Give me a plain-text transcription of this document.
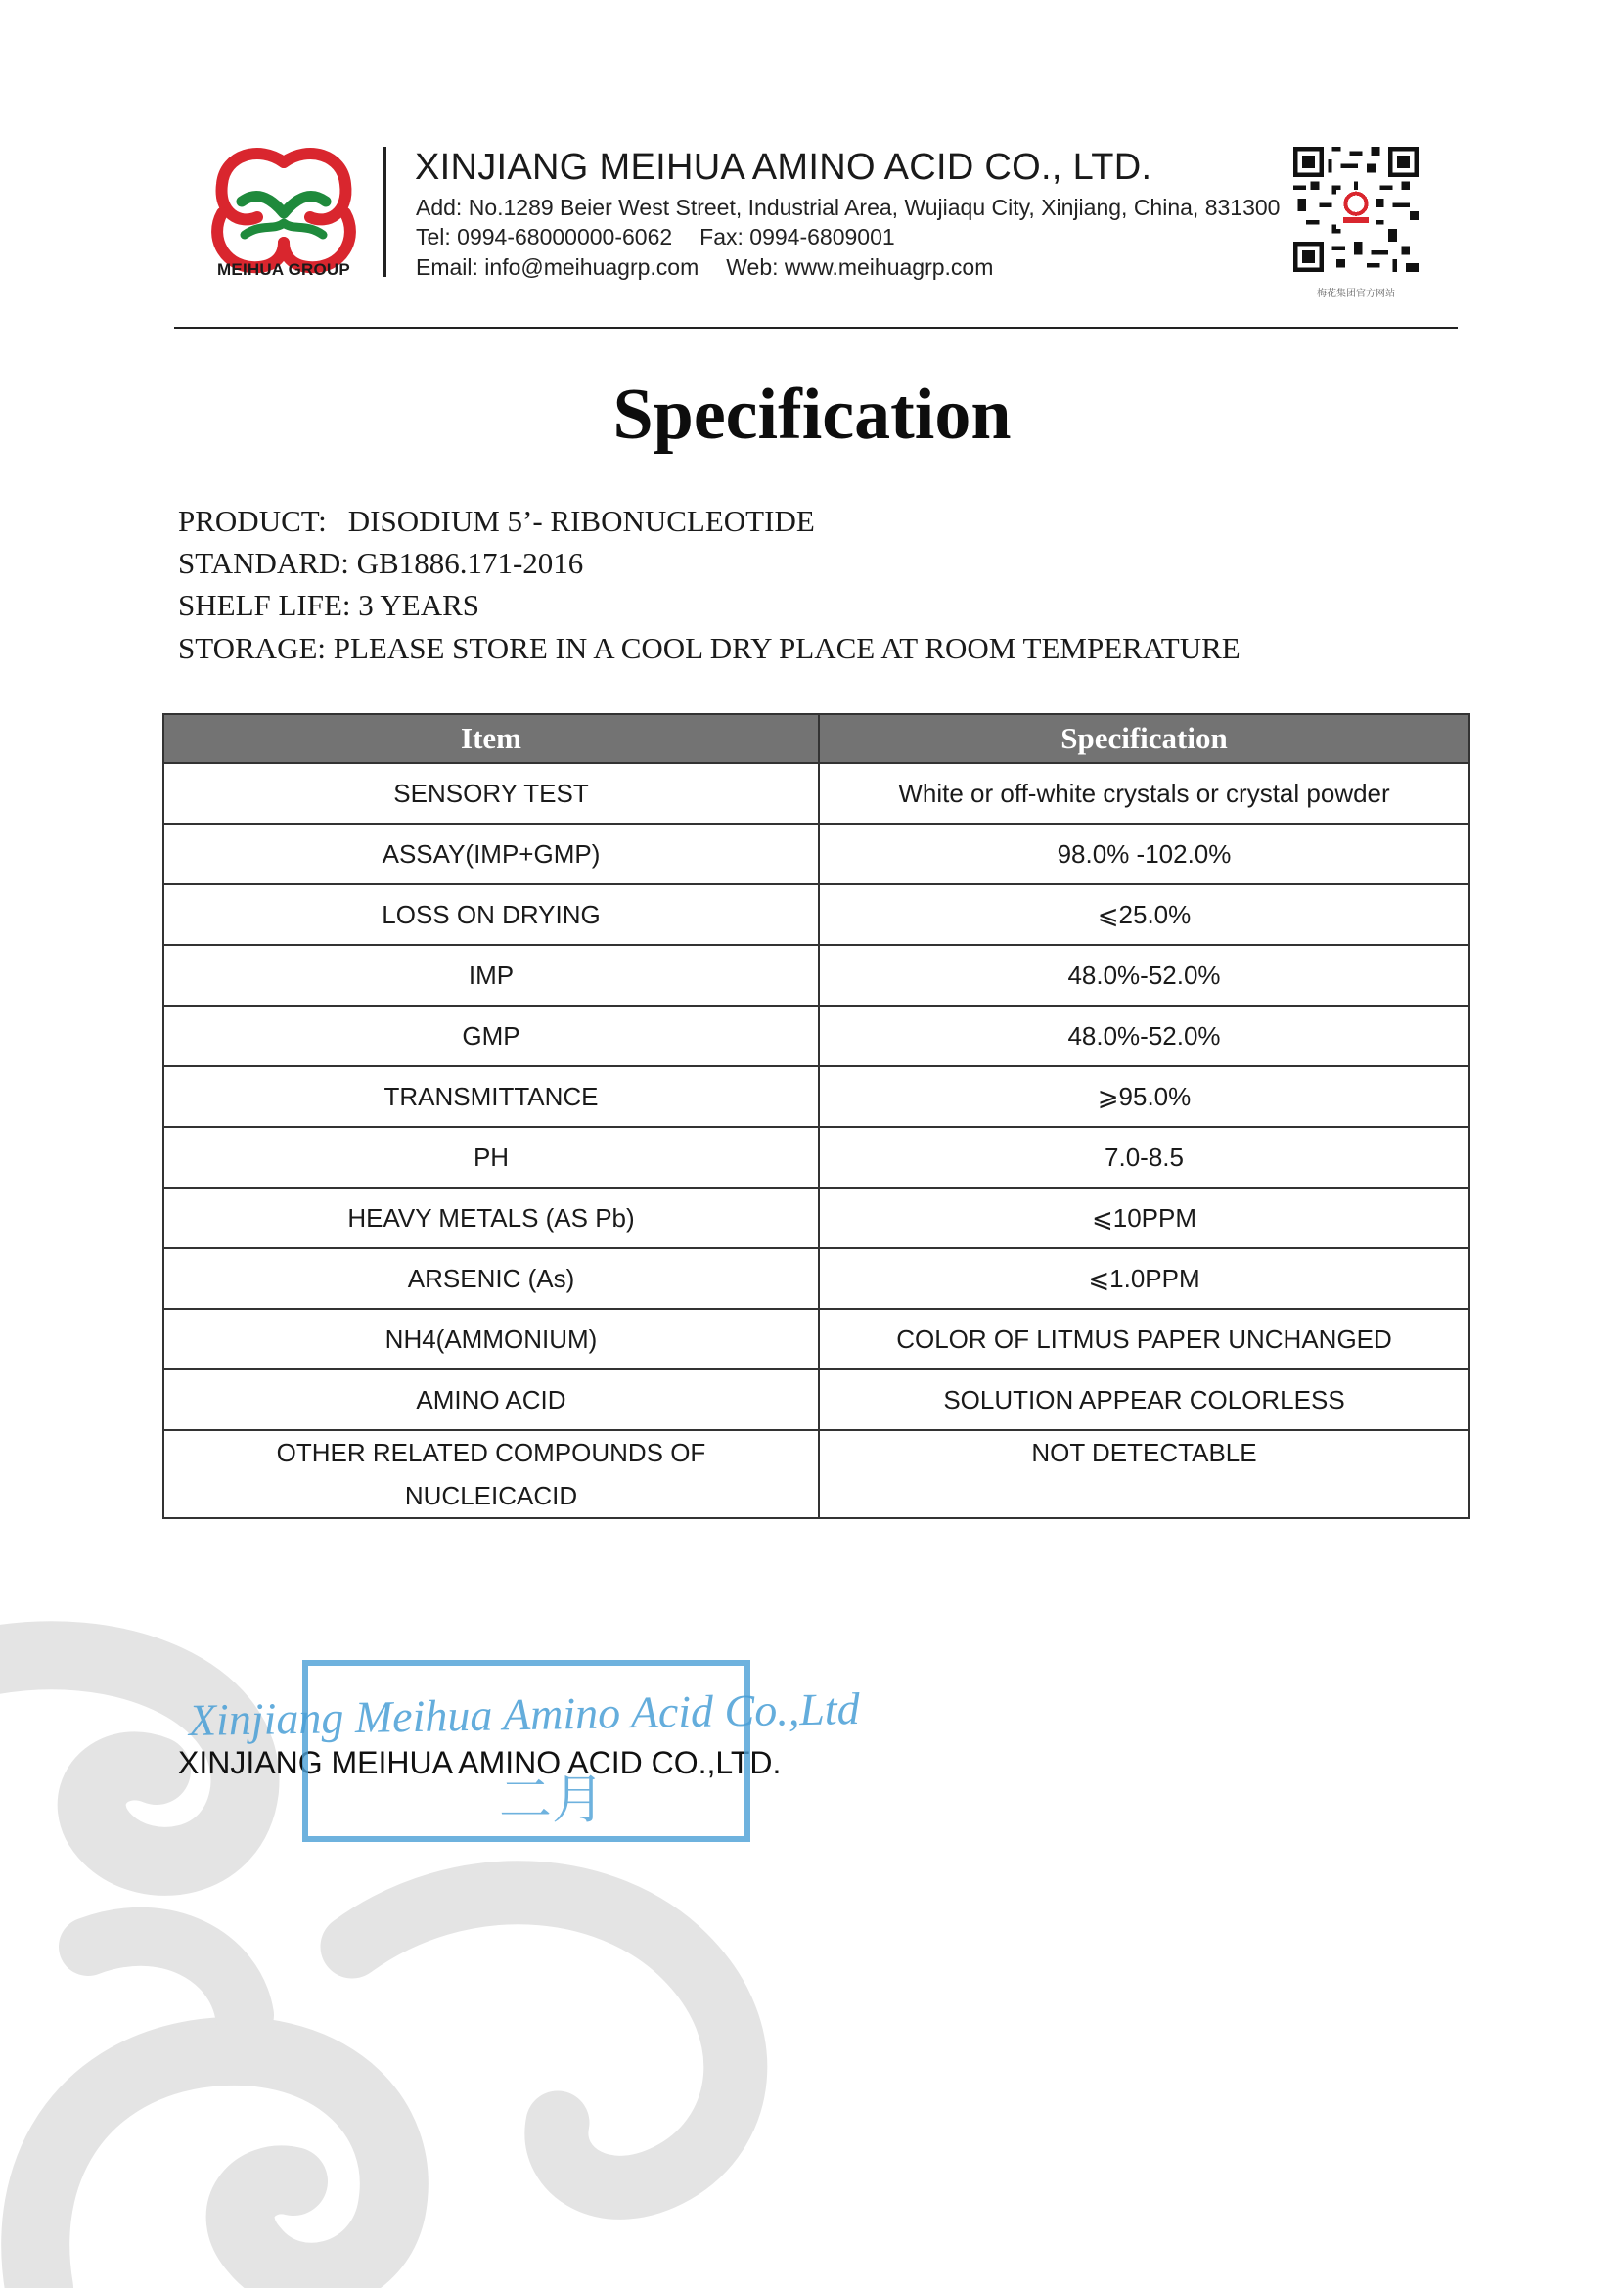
MEIHUA GROUP
XINJIANG MEIHUA AMINO ACID CO., LTD.
Add: No.1289 Beier West Street, Industrial Area, Wujiaqu City, Xinjiang, China, 831300
Tel: 0994-68000000-6062 Fax: 0994-6809001
Email: info@meihuagrp.com Web: www.meihuagrp.com
梅花集团官方网站
Specification
PRODUCT: DISODIUM 5’- RIBONUCLEOTIDE
STANDARD: GB1886.171-2016
SHELF LIFE: 3 YEARS
STORAGE: PLEASE STORE IN A COOL DRY PLACE AT ROOM TEMPERATURE
Item	Specification
SENSORY TEST	White or off-white crystals or crystal powder
ASSAY(IMP+GMP)	98.0% -102.0%
LOSS ON DRYING	⩽25.0%
IMP	48.0%-52.0%
GMP	48.0%-52.0%
TRANSMITTANCE	⩾95.0%
PH	7.0-8.5
HEAVY METALS (AS Pb)	⩽10PPM
ARSENIC (As)	⩽1.0PPM
NH4(AMMONIUM)	COLOR OF LITMUS PAPER UNCHANGED
AMINO ACID	SOLUTION APPEAR COLORLESS

OTHER RELATED COMPOUNDS OF
NUCLEICACID	NOT DETECTABLE
XINJIANG MEIHUA AMINO ACID CO.,LTD.
Xinjiang Meihua Amino Acid Co.,Ltd
二月
